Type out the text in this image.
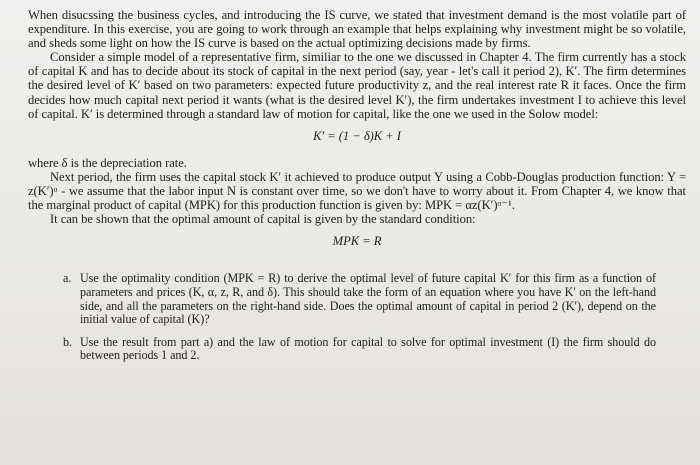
When disucssing the business cycles, and introducing the IS curve, we stated that investment demand is the most volatile part of expenditure. In this exercise, you are going to work through an example that helps explaining why investment might be so volatile, and sheds some light on how the IS curve is based on the actual optimizing decisions made by firms.

Consider a simple model of a representative firm, similiar to the one we discussed in Chapter 4. The firm currently has a stock of capital K and has to decide about its stock of capital in the next period (say, year - let's call it period 2), K′. The firm determines the desired level of K′ based on two parameters: expected future productivity z, and the real interest rate R it faces. Once the firm decides how much capital next period it wants (what is the desired level K′), the firm undertakes investment I to achieve this level of capital. K′ is determined through a standard law of motion for capital, like the one we used in the Solow model:

K′ = (1 − δ)K + I

where δ is the depreciation rate.

Next period, the firm uses the capital stock K′ it achieved to produce output Y using a Cobb-Douglas production function: Y = z(K′)ᵅ - we assume that the labor input N is constant over time, so we don't have to worry about it. From Chapter 4, we know that the marginal product of capital (MPK) for this production function is given by: MPK = αz(K′)ᵅ⁻¹.

It can be shown that the optimal amount of capital is given by the standard condition:

MPK = R
a. Use the optimality condition (MPK = R) to derive the optimal level of future capital K′ for this firm as a function of parameters and prices (K, α, z, R, and δ). This should take the form of an equation where you have K′ on the left-hand side, and all the parameters on the right-hand side. Does the optimal amount of capital in period 2 (K′), depend on the initial value of capital (K)?
b. Use the result from part a) and the law of motion for capital to solve for optimal investment (I) the firm should do between periods 1 and 2.
